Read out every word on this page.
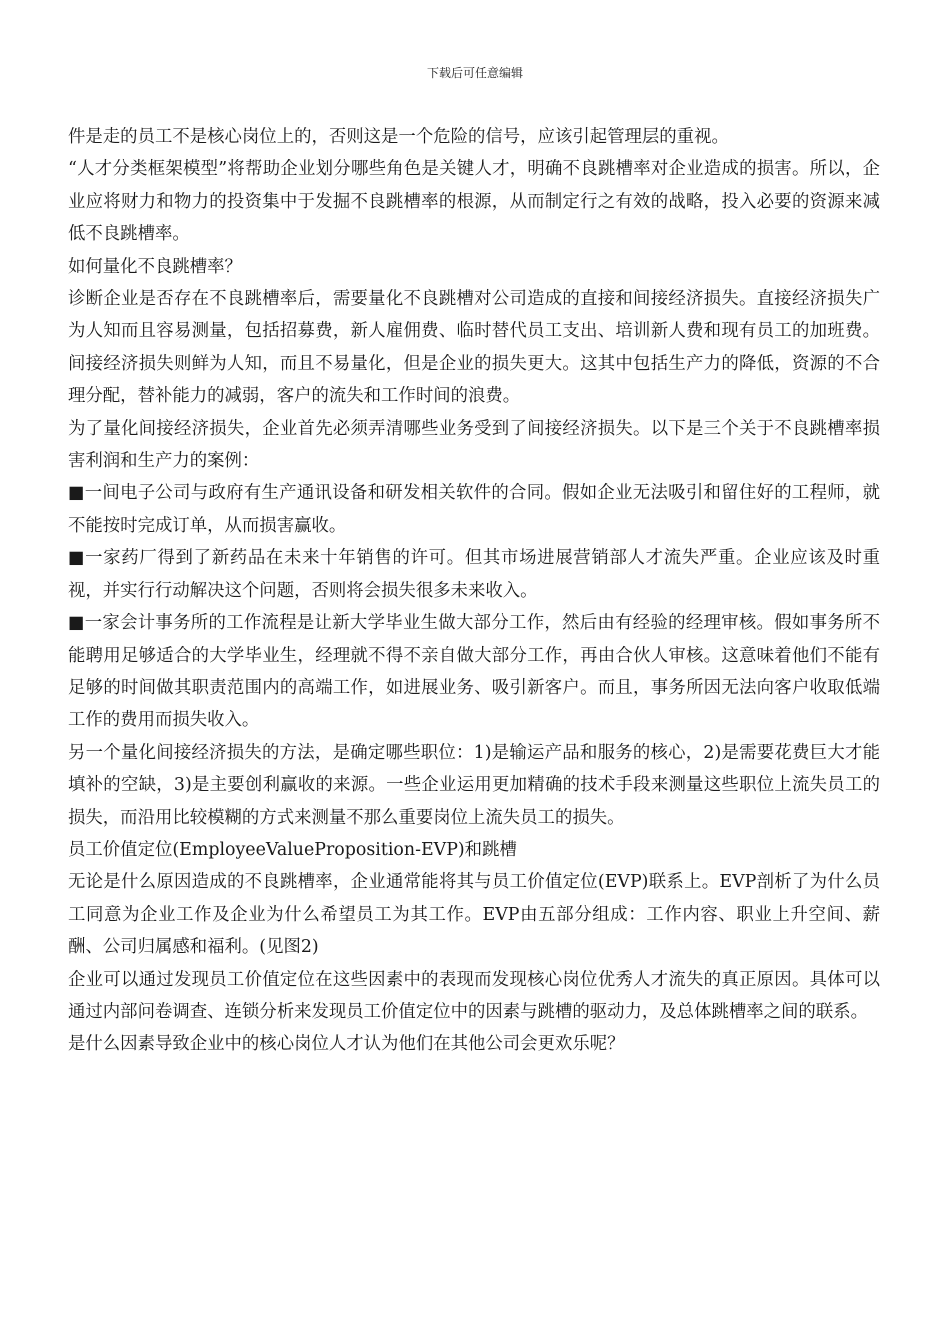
下载后可任意编辑

件是走的员工不是核心岗位上的，否则这是一个危险的信号，应该引起管理层的重视。

“人才分类框架模型”将帮助企业划分哪些角色是关键人才，明确不良跳槽率对企业造成的损害。所以，企业应将财力和物力的投资集中于发掘不良跳槽率的根源，从而制定行之有效的战略，投入必要的资源来减低不良跳槽率。

如何量化不良跳槽率？

诊断企业是否存在不良跳槽率后，需要量化不良跳槽对公司造成的直接和间接经济损失。直接经济损失广为人知而且容易测量，包括招募费，新人雇佣费、临时替代员工支出、培训新人费和现有员工的加班费。间接经济损失则鲜为人知，而且不易量化，但是企业的损失更大。这其中包括生产力的降低，资源的不合理分配，替补能力的减弱，客户的流失和工作时间的浪费。

为了量化间接经济损失，企业首先必须弄清哪些业务受到了间接经济损失。以下是三个关于不良跳槽率损害利润和生产力的案例：

■一间电子公司与政府有生产通讯设备和研发相关软件的合同。假如企业无法吸引和留住好的工程师，就不能按时完成订单，从而损害赢收。

■一家药厂得到了新药品在未来十年销售的许可。但其市场进展营销部人才流失严重。企业应该及时重视，并实行行动解决这个问题，否则将会损失很多未来收入。

■一家会计事务所的工作流程是让新大学毕业生做大部分工作，然后由有经验的经理审核。假如事务所不能聘用足够适合的大学毕业生，经理就不得不亲自做大部分工作，再由合伙人审核。这意味着他们不能有足够的时间做其职责范围内的高端工作，如进展业务、吸引新客户。而且，事务所因无法向客户收取低端工作的费用而损失收入。

另一个量化间接经济损失的方法，是确定哪些职位：1)是输运产品和服务的核心，2)是需要花费巨大才能填补的空缺，3)是主要创利赢收的来源。一些企业运用更加精确的技术手段来测量这些职位上流失员工的损失，而沿用比较模糊的方式来测量不那么重要岗位上流失员工的损失。

员工价值定位(EmployeeValueProposition-EVP)和跳槽

无论是什么原因造成的不良跳槽率，企业通常能将其与员工价值定位(EVP)联系上。EVP剖析了为什么员工同意为企业工作及企业为什么希望员工为其工作。EVP由五部分组成：工作内容、职业上升空间、薪酬、公司归属感和福利。(见图2)

企业可以通过发现员工价值定位在这些因素中的表现而发现核心岗位优秀人才流失的真正原因。具体可以通过内部问卷调查、连锁分析来发现员工价值定位中的因素与跳槽的驱动力，及总体跳槽率之间的联系。

是什么因素导致企业中的核心岗位人才认为他们在其他公司会更欢乐呢？
